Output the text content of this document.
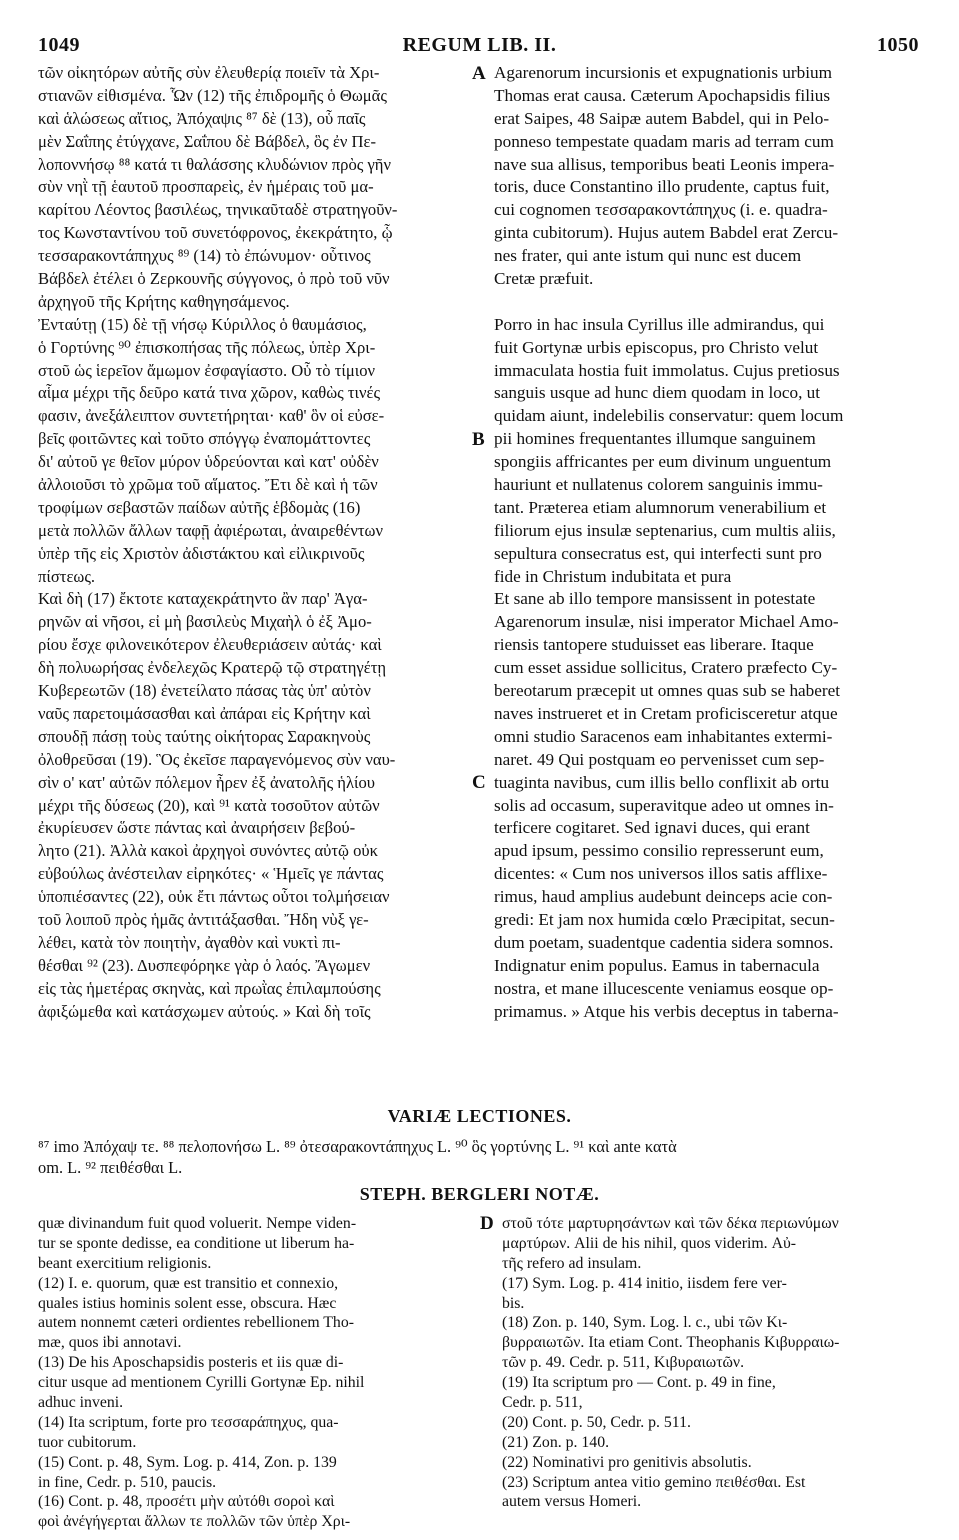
1049	REGUM LIB. II.	1050
τῶν οἰκητόρων αὐτῆς σὺν ἐλευθερίᾳ ποιεῖν τὰ Χρι-
στιανῶν εἰθισμένα. Ὧν (12) τῆς ἐπιδρομῆς ὁ Θωμᾶς
καὶ ἁλώσεως αἴτιος, Ἀπόχαψις ⁸⁷ δὲ (13), οὗ παῖς
μὲν Σαΐπης ἐτύγχανε, Σαΐπου δὲ Βάβδελ, ὃς ἐν Πε-
λοποννήσῳ ⁸⁸ κατά τι θαλάσσης κλυδώνιον πρὸς γῆν
σὺν νηῒ τῇ ἑαυτοῦ προσπαρεὶς, ἐν ἡμέραις τοῦ μα-
καρίτου Λέοντος βασιλέως, τηνικαῦταδὲ στρατηγοῦν-
τος Κωνσταντίνου τοῦ συνετόφρονος, ἐκεκράτητο, ᾧ
τεσσαρακοντάπηχυς ⁸⁹ (14) τὸ ἐπώνυμον· οὗτινος
Βάβδελ ἐτέλει ὁ Ζερκουνῆς σύγγονος, ὁ πρὸ τοῦ νῦν
ἀρχηγοῦ τῆς Κρήτης καθηγησάμενος.
Ἐνταύτῃ (15) δὲ τῇ νήσῳ Κύριλλος ὁ θαυμάσιος,
ὁ Γορτύνης ⁹⁰ ἐπισκοπήσας τῆς πόλεως, ὑπὲρ Χρι-
στοῦ ὡς ἱερεῖον ἄμωμον ἐσφαγίαστο. Οὗ τὸ τίμιον
αἷμα μέχρι τῆς δεῦρο κατά τινα χῶρον, καθὼς τινές
φασιν, ἀνεξάλειπτον συντετήρηται· καθ' ὃν οἱ εὐσε-
βεῖς φοιτῶντες καὶ τοῦτο σπόγγῳ ἐναπομάττοντες
δι' αὐτοῦ γε θεῖον μύρον ὑδρεύονται καὶ κατ' οὐδὲν
ἀλλοιοῦσι τὸ χρῶμα τοῦ αἵματος. Ἔτι δὲ καὶ ἡ τῶν
τροφίμων σεβαστῶν παίδων αὐτῆς ἑβδομὰς (16)
μετὰ πολλῶν ἄλλων ταφῇ ἀφιέρωται, ἀναιρεθέντων
ὑπὲρ τῆς εἰς Χριστὸν ἀδιστάκτου καὶ εἰλικρινοῦς
πίστεως.
Καὶ δὴ (17) ἔκτοτε καταχεκράτηντο ἂν παρ' Ἀγα-
ρηνῶν αἱ νῆσοι, εἰ μὴ βασιλεὺς Μιχαὴλ ὁ ἐξ Ἀμο-
ρίου ἔσχε φιλονεικότερον ἐλευθεριάσειν αὐτάς· καὶ
δὴ πολυωρήσας ἐνδελεχῶς Κρατερῷ τῷ στρατηγέτῃ
Κυβερεωτῶν (18) ἐνετείλατο πάσας τὰς ὑπ' αὐτὸν
ναῦς παρετοιμάσασθαι καὶ ἀπάραι εἰς Κρήτην καὶ
σπουδῇ πάσῃ τοὺς ταύτης οἰκήτορας Σαρακηνοὺς
ὀλοθρεῦσαι (19). Ὃς ἐκεῖσε παραγενόμενος σὺν ναυ-
σὶν ο' κατ' αὐτῶν πόλεμον ἦρεν ἐξ ἀνατολῆς ἡλίου
μέχρι τῆς δύσεως (20), καὶ ⁹¹ κατὰ τοσοῦτον αὐτῶν
ἐκυρίευσεν ὥστε πάντας καὶ ἀναιρήσειν βεβού-
λητο (21). Ἀλλὰ κακοὶ ἀρχηγοὶ συνόντες αὐτῷ οὐκ
εὐβούλως ἀνέστειλαν εἰρηκότες· « Ἡμεῖς γε πάντας
ὑποπιέσαντες (22), οὐκ ἔτι πάντως οὗτοι τολμήσειαν
τοῦ λοιποῦ πρὸς ἡμᾶς ἀντιτάξασθαι. Ἤδη νὺξ γε-
λέθει, κατὰ τὸν ποιητὴν, ἀγαθὸν καὶ νυκτὶ πι-
θέσθαι ⁹² (23). Δυσπεφόρηκε γὰρ ὁ λαός. Ἄγωμεν
εἰς τὰς ἡμετέρας σκηνὰς, καὶ πρωῒας ἐπιλαμπούσης
ἀφιξώμεθα καὶ κατάσχωμεν αὐτούς. » Καὶ δὴ τοῖς
Agarenorum incursionis et expugnationis urbium
Thomas erat causa. Cæterum Apochapsidis filius
erat Saipes, 48 Saipæ autem Babdel, qui in Pelo-
ponneso tempestate quadam maris ad terram cum
nave sua allisus, temporibus beati Leonis impera-
toris, duce Constantino illo prudente, captus fuit,
cui cognomen τεσσαρακοντάπηχυς (i. e. quadra-
ginta cubitorum). Hujus autem Babdel erat Zercu-
nes frater, qui ante istum qui nunc est ducem
Cretæ præfuit.
Porro in hac insula Cyrillus ille admirandus, qui
fuit Gortynæ urbis episcopus, pro Christo velut
immaculata hostia fuit immolatus. Cujus pretiosus
sanguis usque ad hunc diem quodam in loco, ut
quidam aiunt, indelebilis conservatur: quem locum
pii homines frequentantes illumque sanguinem
spongiis affricantes per eum divinum unguentum
hauriunt et nullatenus colorem sanguinis immu-
tant. Præterea etiam alumnorum venerabilium et
filiorum ejus insulæ septenarius, cum multis aliis,
sepultura consecratus est, qui interfecti sunt pro
fide in Christum indubitata et pura
Et sane ab illo tempore mansissent in potestate
Agarenorum insulæ, nisi imperator Michael Amo-
riensis tantopere studuisset eas liberare. Itaque
cum esset assidue sollicitus, Cratero præfecto Cy-
bereotarum præcepit ut omnes quas sub se haberet
naves instrueret et in Cretam proficisceretur atque
omni studio Saracenos eam inhabitantes extermi-
naret. 49 Qui postquam eo pervenisset cum sep-
tuaginta navibus, cum illis bello conflixit ab ortu
solis ad occasum, superavitque adeo ut omnes in-
terficere cogitaret. Sed ignavi duces, qui erant
apud ipsum, pessimo consilio represserunt eum,
dicentes: « Cum nos universos illos satis afflixe-
rimus, haud amplius audebunt deinceps acie con-
gredi: Et jam nox humida cœlo Præcipitat, secun-
dum poetam, suadentque cadentia sidera somnos.
Indignatur enim populus. Eamus in tabernacula
nostra, et mane illucescente veniamus eosque op-
primamus. » Atque his verbis deceptus in taberna-
A
B
C
D
VARIÆ LECTIONES.
⁸⁷ imo Ἀπόχαψ τε. ⁸⁸ πελοπονήσω L. ⁸⁹ ὀτεσαρακοντάπηχυς L. ⁹⁰ ὃς γορτύνης L. ⁹¹ καὶ ante κατὰ
om. L. ⁹² πειθέσθαι L.
STEPH. BERGLERI NOTÆ.
quæ divinandum fuit quod voluerit. Nempe viden-
tur se sponte dedisse, ea conditione ut liberum ha-
beant exercitium religionis.
(12) I. e. quorum, quæ est transitio et connexio,
quales istius hominis solent esse, obscura. Hæc
autem nonnemt cæteri ordientes rebellionem Tho-
mæ, quos ibi annotavi.
(13) De his Aposchapsidis posteris et iis quæ di-
citur usque ad mentionem Cyrilli Gortynæ Ep. nihil
adhuc inveni.
(14) Ita scriptum, forte pro τεσσαράπηχυς, qua-
tuor cubitorum.
(15) Cont. p. 48, Sym. Log. p. 414, Zon. p. 139
in fine, Cedr. p. 510, paucis.
(16) Cont. p. 48, προσέτι μὴν αὐτόθι σοροὶ καὶ
φοὶ ἀνέγήγερται ἄλλων τε πολλῶν τῶν ὑπὲρ Χρι-
στοῦ τότε μαρτυρησάντων καὶ τῶν δέκα περιωνύμων
μαρτύρων. Alii de his nihil, quos viderim. Αὐ-
τῆς refero ad insulam.
(17) Sym. Log. p. 414 initio, iisdem fere ver-
bis.
(18) Zon. p. 140, Sym. Log. l. c., ubi τῶν Κι-
βυρραιωτῶν. Ita etiam Cont. Theophanis Κιβυρραιω-
τῶν p. 49. Cedr. p. 511, Κιβυραιωτῶν.
(19) Ita scriptum pro — Cont. p. 49 in fine,
Cedr. p. 511,
(20) Cont. p. 50, Cedr. p. 511.
(21) Zon. p. 140.
(22) Nominativi pro genitivis absolutis.
(23) Scriptum antea vitio gemino πειθέσθαι. Est
autem versus Homeri.
